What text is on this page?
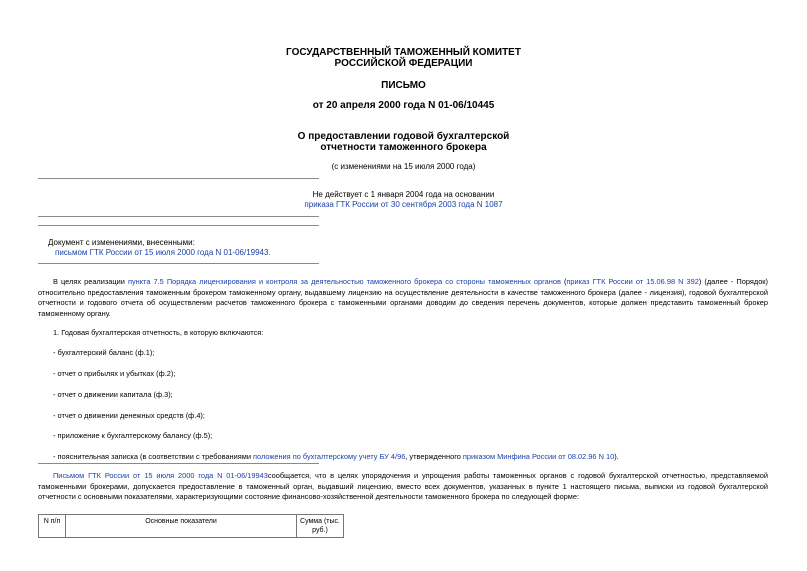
ГОСУДАРСТВЕННЫЙ ТАМОЖЕННЫЙ КОМИТЕТ
РОССИЙСКОЙ ФЕДЕРАЦИИ
ПИСЬМО
от 20 апреля 2000 года N 01-06/10445
О предоставлении годовой бухгалтерской
отчетности таможенного брокера
(с изменениями на 15 июля 2000 года)
Не действует с 1 января 2004 года на основании
приказа ГТК России от 30 сентября 2003 года N 1087
Документ с изменениями, внесенными:
письмом ГТК России от 15 июля 2000 года N 01-06/19943.
В целях реализации пункта 7.5 Порядка лицензирования и контроля за деятельностью таможенного брокера со стороны таможенных органов (приказ ГТК России от 15.06.98 N 392) (далее - Порядок) относительно предоставления таможенным брокером таможенному органу, выдавшему лицензию на осуществление деятельности в качестве таможенного брокера (далее - лицензия), годовой бухгалтерской отчетности и годового отчета об осуществлении расчетов таможенного брокера с таможенными органами доводим до сведения перечень документов, которые должен представить таможенный брокер таможенному органу.
1. Годовая бухгалтерская отчетность, в которую включаются:
- бухгалтерский баланс (ф.1);
- отчет о прибылях и убытках (ф.2);
- отчет о движении капитала (ф.3);
- отчет о движении денежных средств (ф.4);
- приложение к бухгалтерскому балансу (ф.5);
- пояснительная записка (в соответствии с требованиями положения по бухгалтерскому учету БУ 4/96, утвержденного приказом Минфина России от 08.02.96 N 10).
Письмом ГТК России от 15 июля 2000 года N 01-06/19943сообщается, что в целях упорядочения и упрощения работы таможенных органов с годовой бухгалтерской отчетностью, представляемой таможенными брокерами, допускается предоставление в таможенный орган, выдавший лицензию, вместо всех документов, указанных в пункте 1 настоящего письма, выписки из годовой бухгалтерской отчетности с основными показателями, характеризующими состояние финансово-хозяйственной деятельности таможенного брокера по следующей форме:
N п/п	Основные показатели	Сумма (тыс. руб.)
